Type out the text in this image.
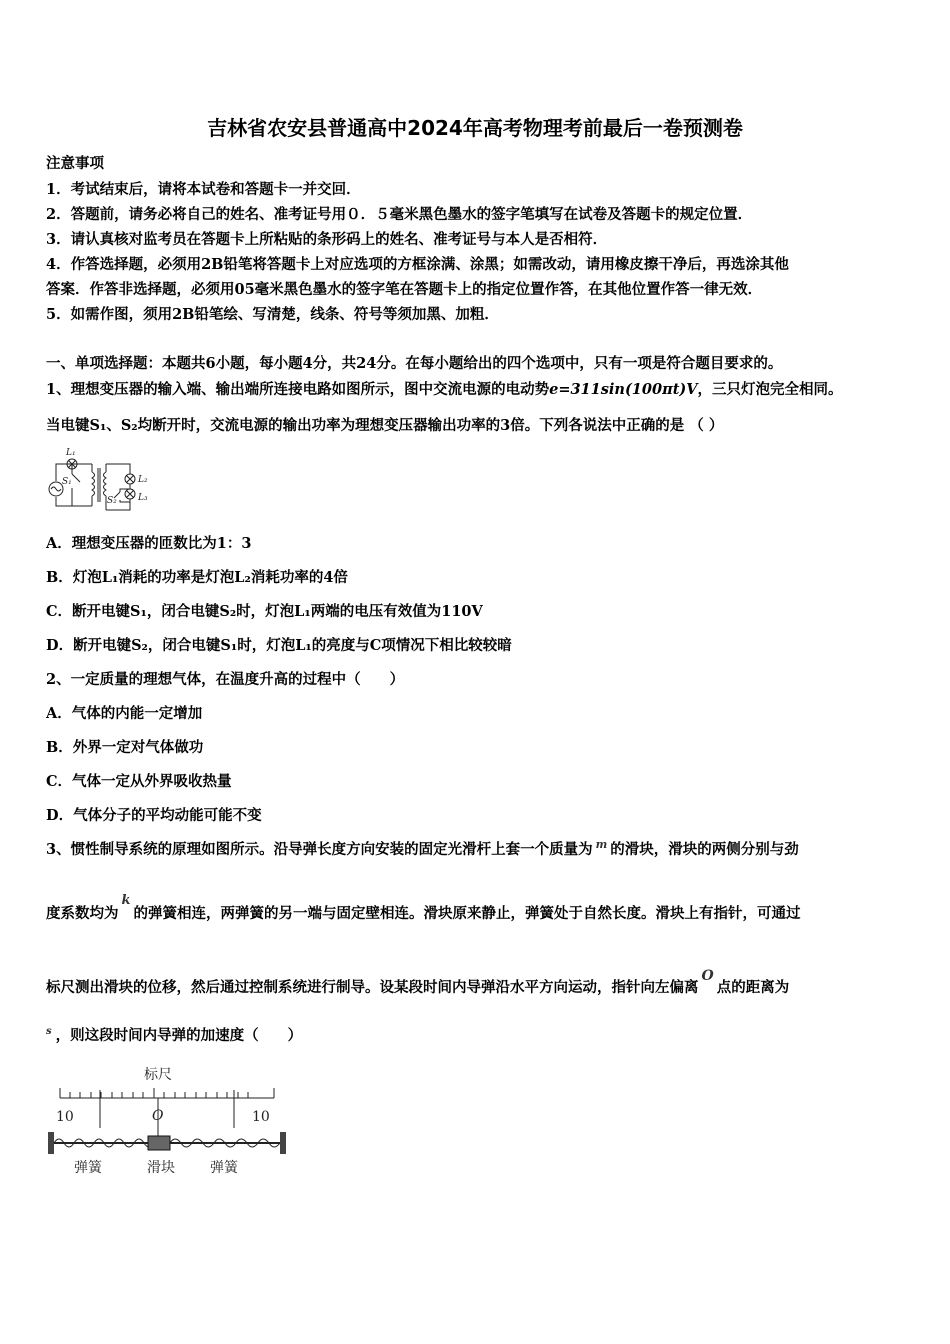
吉林省农安县普通高中2024年高考物理考前最后一卷预测卷
注意事项
1．考试结束后，请将本试卷和答题卡一并交回．
2．答题前，请务必将自己的姓名、准考证号用０．５毫米黑色墨水的签字笔填写在试卷及答题卡的规定位置．
3．请认真核对监考员在答题卡上所粘贴的条形码上的姓名、准考证号与本人是否相符．
4．作答选择题，必须用2B铅笔将答题卡上对应选项的方框涂满、涂黑；如需改动，请用橡皮擦干净后，再选涂其他
答案．作答非选择题，必须用05毫米黑色墨水的签字笔在答题卡上的指定位置作答，在其他位置作答一律无效．
5．如需作图，须用2B铅笔绘、写清楚，线条、符号等须加黑、加粗．
一、单项选择题：本题共6小题，每小题4分，共24分。在每小题给出的四个选项中，只有一项是符合题目要求的。
1、理想变压器的输入端、输出端所连接电路如图所示，图中交流电源的电动势e=311sin(100πt)V，三只灯泡完全相同。
当电键S₁、S₂均断开时，交流电源的输出功率为理想变压器输出功率的3倍。下列各说法中正确的是 （ ）
L₁
S₁	L₂
L₃
S₂
A．理想变压器的匝数比为1：3
B．灯泡L₁消耗的功率是灯泡L₂消耗功率的4倍
C．断开电键S₁，闭合电键S₂时，灯泡L₁两端的电压有效值为110V
D．断开电键S₂，闭合电键S₁时，灯泡L₁的亮度与C项情况下相比较较暗
2、一定质量的理想气体，在温度升高的过程中（　　）
A．气体的内能一定增加
B．外界一定对气体做功
C．气体一定从外界吸收热量
D．气体分子的平均动能可能不变
3、惯性制导系统的原理如图所示。沿导弹长度方向安装的固定光滑杆上套一个质量为 m 的滑块，滑块的两侧分别与劲
度系数均为k的弹簧相连，两弹簧的另一端与固定壁相连。滑块原来静止，弹簧处于自然长度。滑块上有指针，可通过
标尺测出滑块的位移，然后通过控制系统进行制导。设某段时间内导弹沿水平方向运动，指针向左偏离O点的距离为
s ，则这段时间内导弹的加速度（　　）
标尺
10	O	10
弹簧	滑块	弹簧
